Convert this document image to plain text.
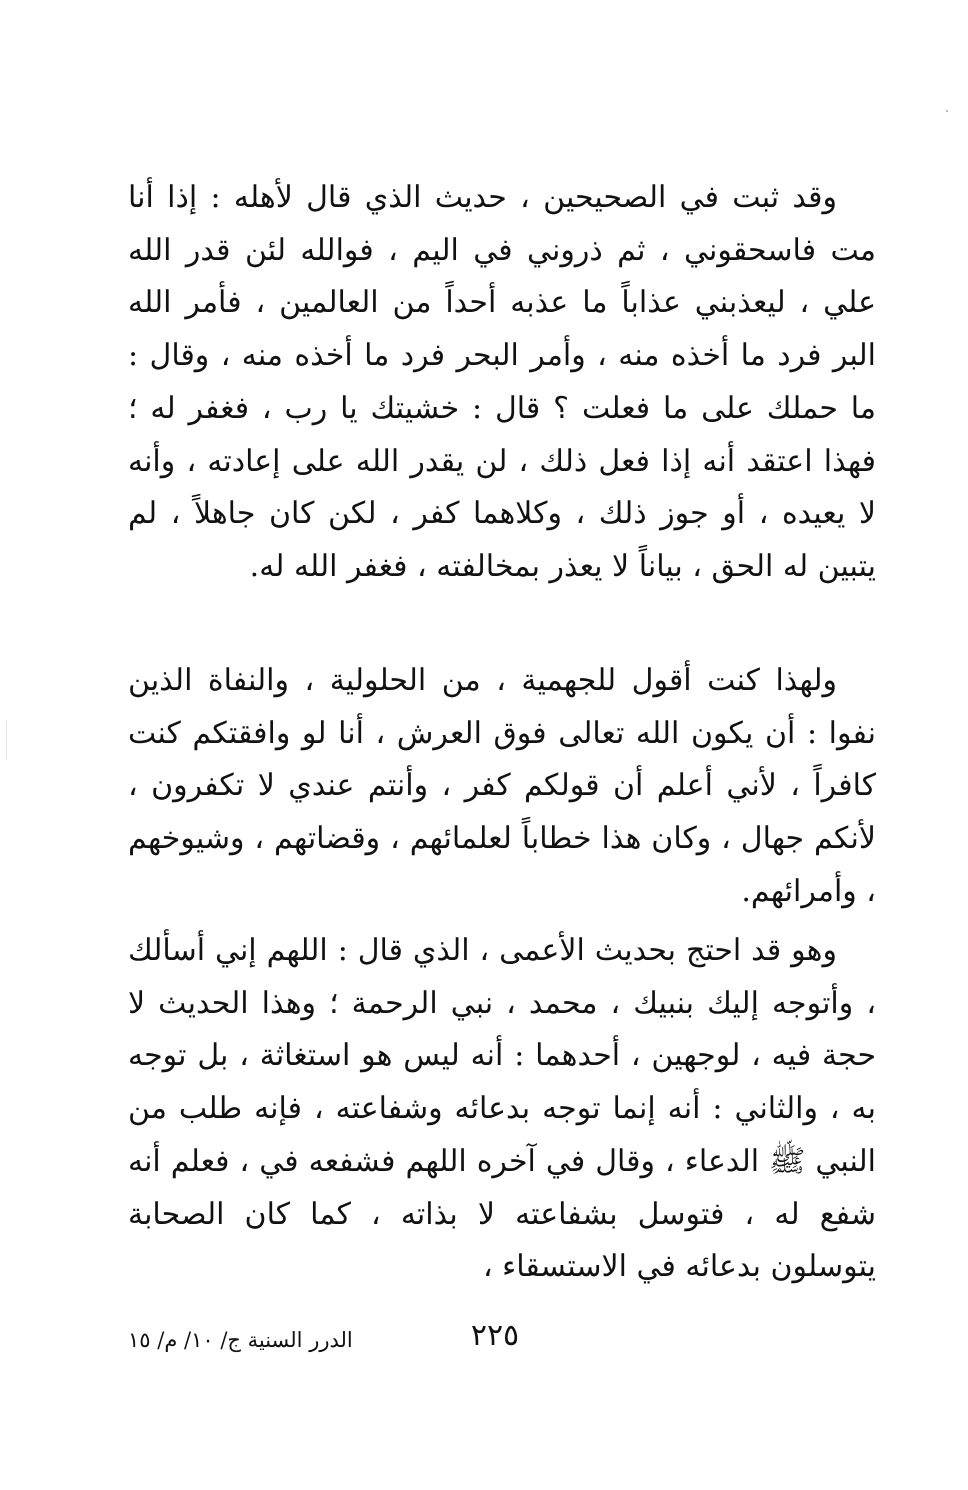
وقد ثبت في الصحيحين ، حديث الذي قال لأهله : إذا أنا مت فاسحقوني ، ثم ذروني في اليم ، فوالله لئن قدر الله علي ، ليعذبني عذاباً ما عذبه أحداً من العالمين ، فأمر الله البر فرد ما أخذه منه ، وأمر البحر فرد ما أخذه منه ، وقال : ما حملك على ما فعلت ؟ قال : خشيتك يا رب ، فغفر له ؛ فهذا اعتقد أنه إذا فعل ذلك ، لن يقدر الله على إعادته ، وأنه لا يعيده ، أو جوز ذلك ، وكلاهما كفر ، لكن كان جاهلاً ، لم يتبين له الحق ، بياناً لا يعذر بمخالفته ، فغفر الله له.

ولهذا كنت أقول للجهمية ، من الحلولية ، والنفاة الذين نفوا : أن يكون الله تعالى فوق العرش ، أنا لو وافقتكم كنت كافراً ، لأني أعلم أن قولكم كفر ، وأنتم عندي لا تكفرون ، لأنكم جهال ، وكان هذا خطاباً لعلمائهم ، وقضاتهم ، وشيوخهم ، وأمرائهم.

وهو قد احتج بحديث الأعمى ، الذي قال : اللهم إني أسألك ، وأتوجه إليك بنبيك ، محمد ، نبي الرحمة ؛ وهذا الحديث لا حجة فيه ، لوجهين ، أحدهما : أنه ليس هو استغاثة ، بل توجه به ، والثاني : أنه إنما توجه بدعائه وشفاعته ، فإنه طلب من النبي ﷺ الدعاء ، وقال في آخره اللهم فشفعه في ، فعلم أنه شفع له ، فتوسل بشفاعته لا بذاته ، كما كان الصحابة يتوسلون بدعائه في الاستسقاء ،

٢٢٥
الدرر السنية ج/ ١٠/ م/ ١٥
